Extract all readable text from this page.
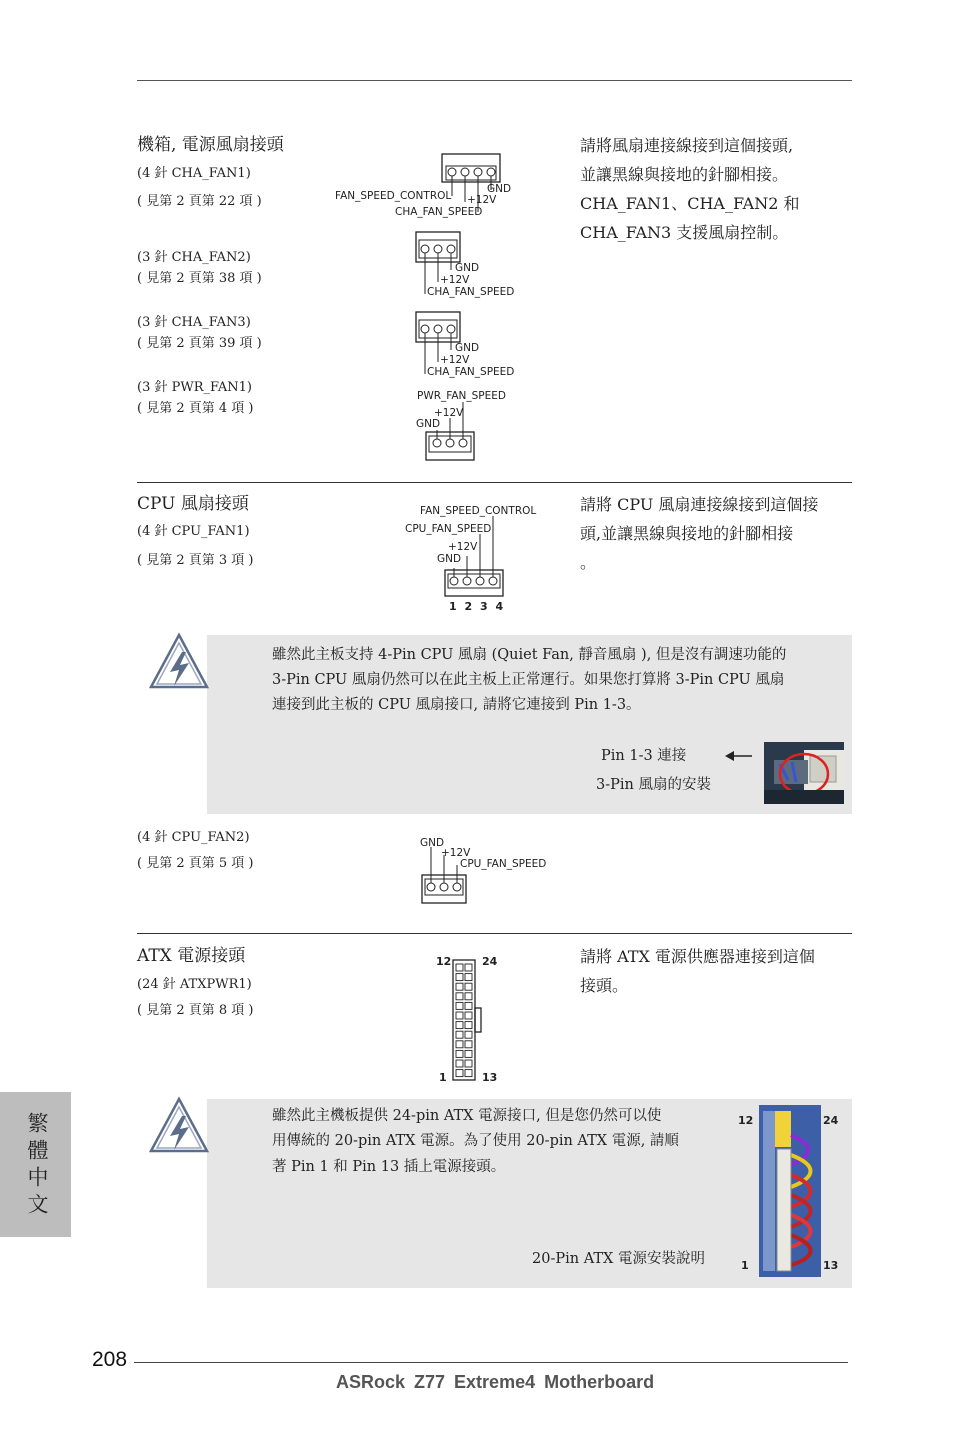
機箱, 電源風扇接頭
(4 針 CHA_FAN1)
( 見第 2 頁第 22 項 )
(3 針 CHA_FAN2)
( 見第 2 頁第 38 項 )
(3 針 CHA_FAN3)
( 見第 2 頁第 39 項 )
(3 針 PWR_FAN1)
( 見第 2 頁第 4 項 )
請將風扇連接線接到這個接頭,
並讓黑線與接地的針腳相接。
CHA_FAN1、CHA_FAN2 和
CHA_FAN3 支援風扇控制。
FAN_SPEED_CONTROL
GND
+12V
CHA_FAN_SPEED
GND
+12V
CHA_FAN_SPEED
GND
+12V
CHA_FAN_SPEED
PWR_FAN_SPEED
+12V
GND
CPU 風扇接頭
(4 針 CPU_FAN1)
( 見第 2 頁第 3 項 )
請將 CPU 風扇連接線接到這個接
頭,並讓黑線與接地的針腳相接
。
FAN_SPEED_CONTROL
CPU_FAN_SPEED
+12V
GND
1 2 3 4
雖然此主板支持 4-Pin CPU 風扇 (Quiet Fan, 靜音風扇 ), 但是沒有調速功能的
3-Pin CPU 風扇仍然可以在此主板上正常運行。如果您打算將 3-Pin CPU 風扇
連接到此主板的 CPU 風扇接口, 請將它連接到 Pin 1-3。
Pin 1-3 連接
3-Pin 風扇的安裝
(4 針 CPU_FAN2)
( 見第 2 頁第 5 項 )
GND
+12V
CPU_FAN_SPEED
ATX 電源接頭
(24 針 ATXPWR1)
( 見第 2 頁第 8 項 )
請將 ATX 電源供應器連接到這個
接頭。
12	24
1	13
雖然此主機板提供 24-pin ATX 電源接口, 但是您仍然可以使
用傳統的 20-pin ATX 電源。為了使用 20-pin ATX 電源, 請順
著 Pin 1 和 Pin 13 插上電源接頭。
20-Pin ATX 電源安裝說明
12	24
1	13
繁體中文
208
ASRock Z77 Extreme4 Motherboard
